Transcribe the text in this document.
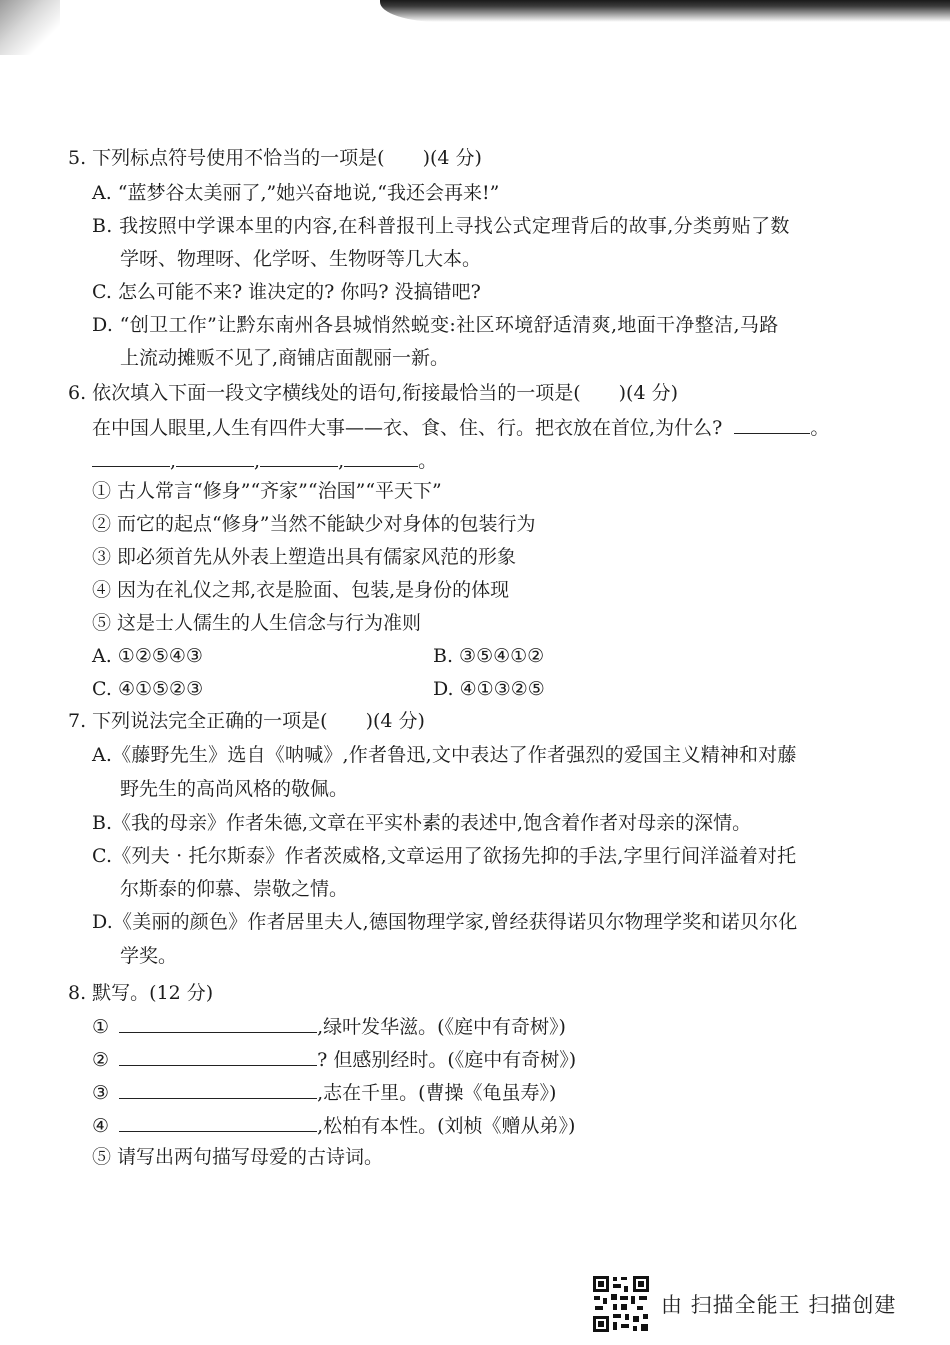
5. 下列标点符号使用不恰当的一项是(　　)(4 分)
A. “蓝梦谷太美丽了,”她兴奋地说,“我还会再来!”
B. 我按照中学课本里的内容,在科普报刊上寻找公式定理背后的故事,分类剪贴了数
学呀、物理呀、化学呀、生物呀等几大本。
C. 怎么可能不来? 谁决定的? 你吗? 没搞错吧?
D. “创卫工作”让黔东南州各县城悄然蜕变:社区环境舒适清爽,地面干净整洁,马路
上流动摊贩不见了,商铺店面靓丽一新。
6. 依次填入下面一段文字横线处的语句,衔接最恰当的一项是(　　)(4 分)
在中国人眼里,人生有四件大事——衣、食、住、行。把衣放在首位,为什么?	。
,	,	,	。
① 古人常言“修身”“齐家”“治国”“平天下”
② 而它的起点“修身”当然不能缺少对身体的包装行为
③ 即必须首先从外表上塑造出具有儒家风范的形象
④ 因为在礼仪之邦,衣是脸面、包装,是身份的体现
⑤ 这是士人儒生的人生信念与行为准则
A. ①②⑤④③	B. ③⑤④①②
C. ④①⑤②③	D. ④①③②⑤
7. 下列说法完全正确的一项是(　　)(4 分)
A.《藤野先生》选自《呐喊》,作者鲁迅,文中表达了作者强烈的爱国主义精神和对藤
野先生的高尚风格的敬佩。
B.《我的母亲》作者朱德,文章在平实朴素的表述中,饱含着作者对母亲的深情。
C.《列夫 · 托尔斯泰》作者茨威格,文章运用了欲扬先抑的手法,字里行间洋溢着对托
尔斯泰的仰慕、崇敬之情。
D.《美丽的颜色》作者居里夫人,德国物理学家,曾经获得诺贝尔物理学奖和诺贝尔化
学奖。
8. 默写。(12 分)
①	,绿叶发华滋。(《庭中有奇树》)
②	? 但感别经时。(《庭中有奇树》)
③	,志在千里。(曹操《龟虽寿》)
④	,松柏有本性。(刘桢《赠从弟》)
⑤ 请写出两句描写母爱的古诗词。
由 扫描全能王 扫描创建
